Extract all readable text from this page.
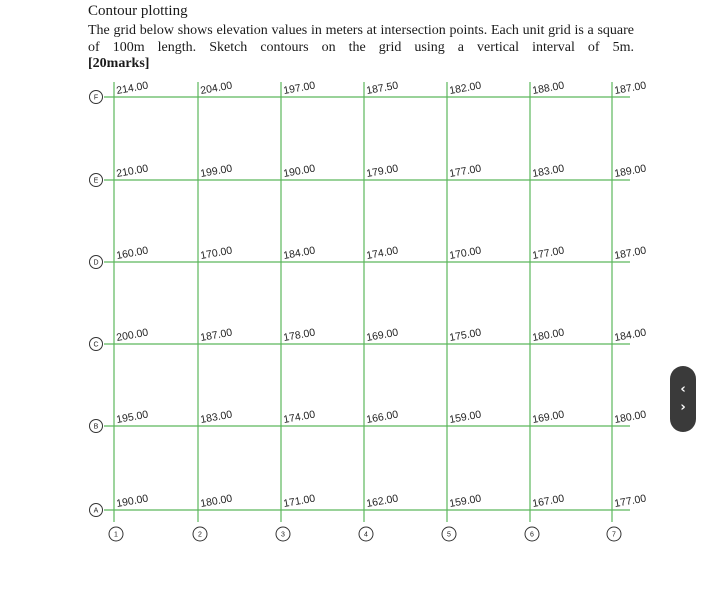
Contour plotting
The grid below shows elevation values in meters at intersection points. Each unit grid is a square of 100m length. Sketch contours on the grid using a vertical interval of 5m.
[20marks]
F
E
D
C
B
A
1	2	3	4	5	6	7
214.00	204.00	197.00	187.50	182.00	188.00	187.00
210.00	199.00	190.00	179.00	177.00	183.00	189.00
160.00	170.00	184.00	174.00	170.00	177.00	187.00
200.00	187.00	178.00	169.00	175.00	180.00	184.00
195.00	183.00	174.00	166.00	159.00	169.00	180.00
190.00	180.00	171.00	162.00	159.00	167.00	177.00
‹
›
